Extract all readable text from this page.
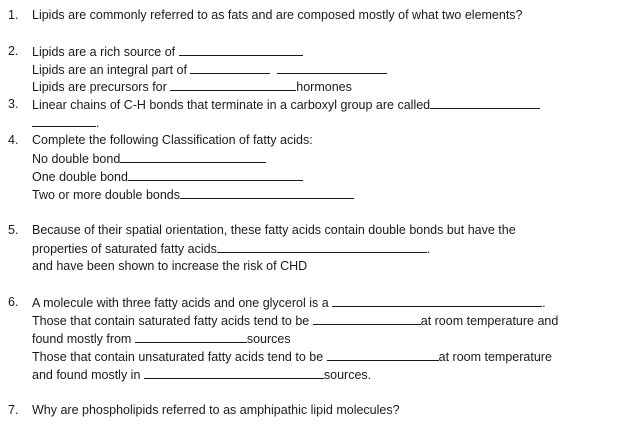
1. Lipids are commonly referred to as fats and are composed mostly of what two elements?
2. Lipids are a rich source of
Lipids are an integral part of
Lipids are precursors for	hormones
3. Linear chains of C-H bonds that terminate in a carboxyl group are called
.
4. Complete the following Classification of fatty acids:
No double bond
One double bond
Two or more double bonds
5. Because of their spatial orientation, these fatty acids contain double bonds but have the
properties of saturated fatty acids	.
and have been shown to increase the risk of CHD
6. A molecule with three fatty acids and one glycerol is a	.
Those that contain saturated fatty acids tend to be	at room temperature and
found mostly from	sources
Those that contain unsaturated fatty acids tend to be	at room temperature
and found mostly in	sources.
7. Why are phospholipids referred to as amphipathic lipid molecules?
